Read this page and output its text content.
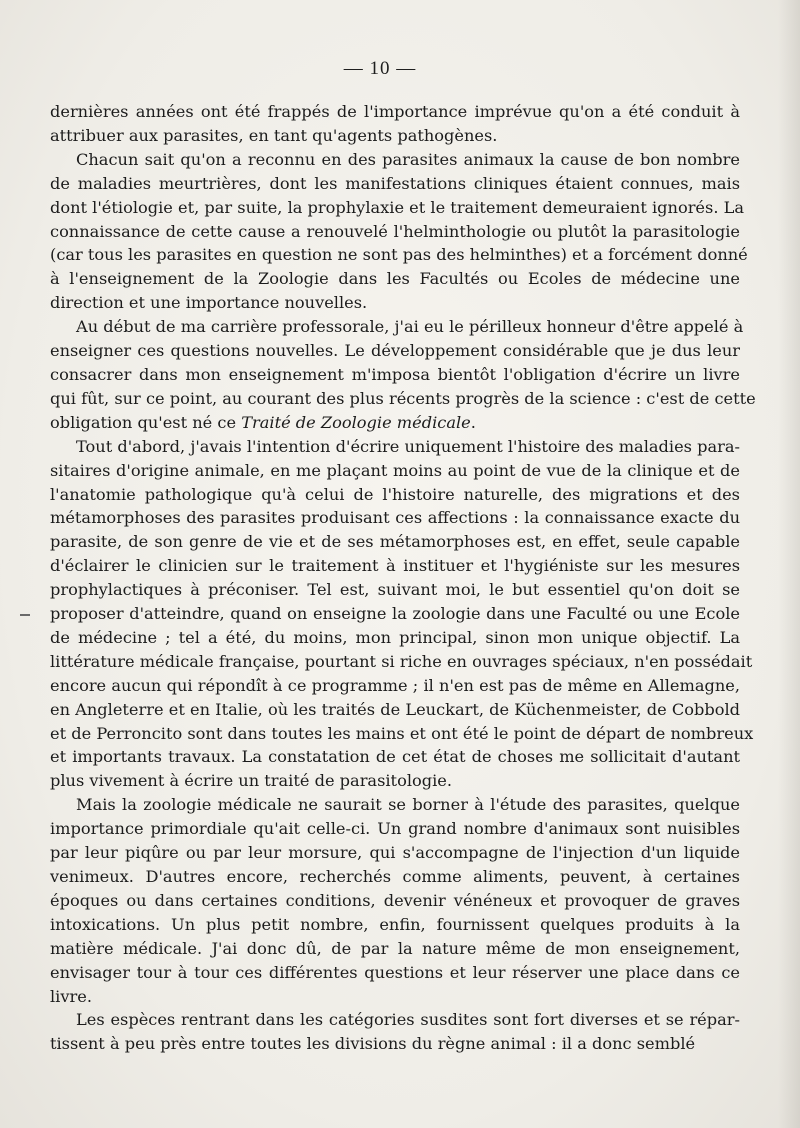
— 10 —

dernières années ont été frappés de l'importance imprévue qu'on a été conduit à
attribuer aux parasites, en tant qu'agents pathogènes.

Chacun sait qu'on a reconnu en des parasites animaux la cause de bon nombre
de maladies meurtrières, dont les manifestations cliniques étaient connues, mais
dont l'étiologie et, par suite, la prophylaxie et le traitement demeuraient ignorés. La
connaissance de cette cause a renouvelé l'helminthologie ou plutôt la parasitologie
(car tous les parasites en question ne sont pas des helminthes) et a forcément donné
à l'enseignement de la Zoologie dans les Facultés ou Ecoles de médecine une
direction et une importance nouvelles.

Au début de ma carrière professorale, j'ai eu le périlleux honneur d'être appelé à
enseigner ces questions nouvelles. Le développement considérable que je dus leur
consacrer dans mon enseignement m'imposa bientôt l'obligation d'écrire un livre
qui fût, sur ce point, au courant des plus récents progrès de la science : c'est de cette
obligation qu'est né ce Traité de Zoologie médicale.

Tout d'abord, j'avais l'intention d'écrire uniquement l'histoire des maladies para-
sitaires d'origine animale, en me plaçant moins au point de vue de la clinique et de
l'anatomie pathologique qu'à celui de l'histoire naturelle, des migrations et des
métamorphoses des parasites produisant ces affections : la connaissance exacte du
parasite, de son genre de vie et de ses métamorphoses est, en effet, seule capable
d'éclairer le clinicien sur le traitement à instituer et l'hygiéniste sur les mesures
prophylactiques à préconiser. Tel est, suivant moi, le but essentiel qu'on doit se
proposer d'atteindre, quand on enseigne la zoologie dans une Faculté ou une Ecole
de médecine ; tel a été, du moins, mon principal, sinon mon unique objectif. La
littérature médicale française, pourtant si riche en ouvrages spéciaux, n'en possédait
encore aucun qui répondît à ce programme ; il n'en est pas de même en Allemagne,
en Angleterre et en Italie, où les traités de Leuckart, de Küchenmeister, de Cobbold
et de Perroncito sont dans toutes les mains et ont été le point de départ de nombreux
et importants travaux. La constatation de cet état de choses me sollicitait d'autant
plus vivement à écrire un traité de parasitologie.

Mais la zoologie médicale ne saurait se borner à l'étude des parasites, quelque
importance primordiale qu'ait celle-ci. Un grand nombre d'animaux sont nuisibles
par leur piqûre ou par leur morsure, qui s'accompagne de l'injection d'un liquide
venimeux. D'autres encore, recherchés comme aliments, peuvent, à certaines
époques ou dans certaines conditions, devenir vénéneux et provoquer de graves
intoxications. Un plus petit nombre, enfin, fournissent quelques produits à la
matière médicale. J'ai donc dû, de par la nature même de mon enseignement,
envisager tour à tour ces différentes questions et leur réserver une place dans ce
livre.

Les espèces rentrant dans les catégories susdites sont fort diverses et se répar-
tissent à peu près entre toutes les divisions du règne animal : il a donc semblé
